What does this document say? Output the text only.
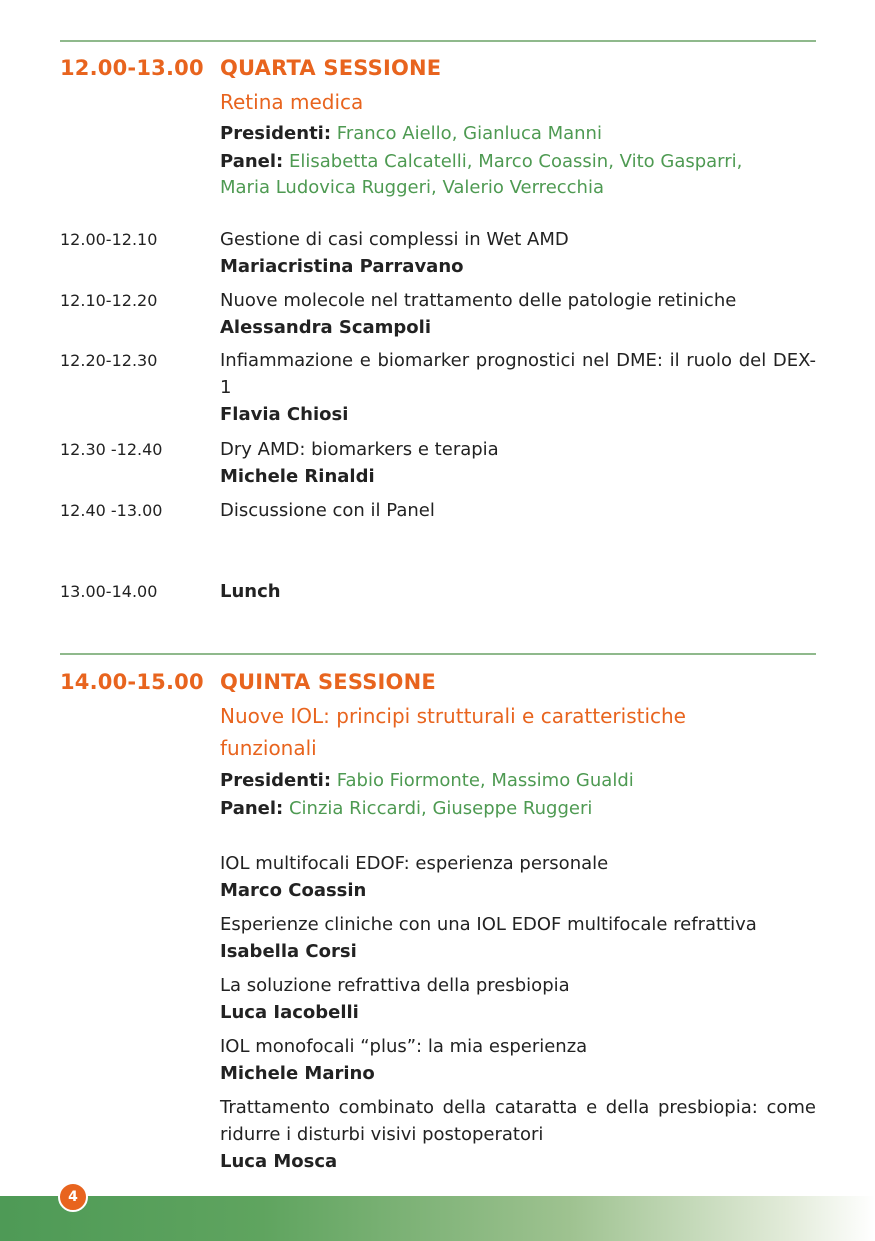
12.00-13.00 QUARTA SESSIONE
Retina medica
Presidenti: Franco Aiello, Gianluca Manni
Panel: Elisabetta Calcatelli, Marco Coassin, Vito Gasparri,
Maria Ludovica Ruggeri, Valerio Verrecchia
12.00-12.10	Gestione di casi complessi in Wet AMD
Mariacristina Parravano
12.10-12.20	Nuove molecole nel trattamento delle patologie retiniche
Alessandra Scampoli
12.20-12.30	Infiammazione e biomarker prognostici nel DME: il ruolo del DEX-1
Flavia Chiosi
12.30 -12.40	Dry AMD: biomarkers e terapia
Michele Rinaldi
12.40 -13.00	Discussione con il Panel
13.00-14.00	Lunch
14.00-15.00 QUINTA SESSIONE
Nuove IOL: principi strutturali e caratteristiche
funzionali
Presidenti: Fabio Fiormonte, Massimo Gualdi
Panel: Cinzia Riccardi, Giuseppe Ruggeri
IOL multifocali EDOF: esperienza personale
Marco Coassin
Esperienze cliniche con una IOL EDOF multifocale refrattiva
Isabella Corsi
La soluzione refrattiva della presbiopia
Luca Iacobelli
IOL monofocali “plus”: la mia esperienza
Michele Marino
Trattamento combinato della cataratta e della presbiopia: come ridurre i disturbi visivi postoperatori
Luca Mosca
4
